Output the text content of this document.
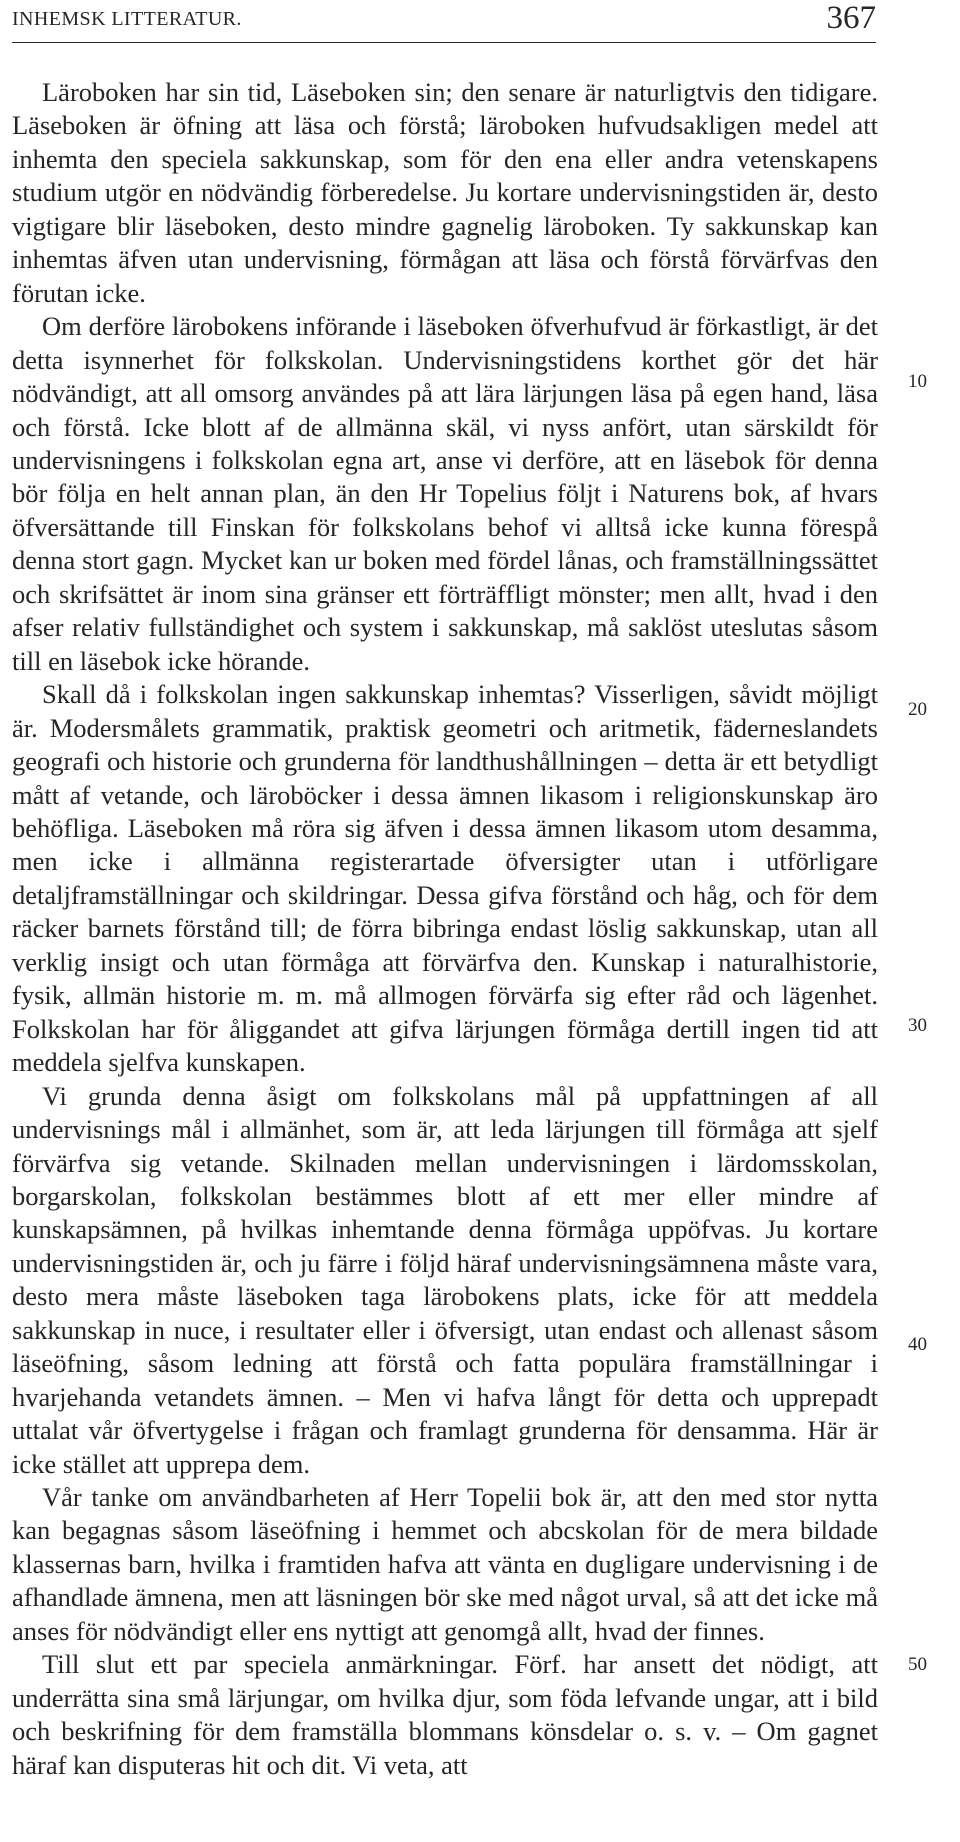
INHEMSK LITTERATUR.	367

Läroboken har sin tid, Läseboken sin; den senare är naturligtvis den tidigare. Läseboken är öfning att läsa och förstå; läroboken hufvudsakligen medel att inhemta den speciela sakkunskap, som för den ena eller andra vetenskapens studium utgör en nödvändig förberedelse. Ju kortare undervisningstiden är, desto vigtigare blir läseboken, desto mindre gagnelig läroboken. Ty sakkunskap kan inhemtas äfven utan undervisning, förmågan att läsa och förstå förvärfvas den förutan icke.

Om derföre lärobokens införande i läseboken öfverhufvud är förkastligt, är det detta isynnerhet för folkskolan. Undervisningstidens korthet gör det här nödvändigt, att all omsorg användes på att lära lärjungen läsa på egen hand, läsa och förstå. Icke blott af de allmänna skäl, vi nyss anfört, utan särskildt för undervisningens i folkskolan egna art, anse vi derföre, att en läsebok för denna bör följa en helt annan plan, än den Hr Topelius följt i Naturens bok, af hvars öfversättande till Finskan för folkskolans behof vi alltså icke kunna förespå denna stort gagn. Mycket kan ur boken med fördel lånas, och framställningssättet och skrifsättet är inom sina gränser ett förträffligt mönster; men allt, hvad i den afser relativ fullständighet och system i sakkunskap, må saklöst uteslutas såsom till en läsebok icke hörande.

Skall då i folkskolan ingen sakkunskap inhemtas? Visserligen, såvidt möjligt är. Modersmålets grammatik, praktisk geometri och aritmetik, fäderneslandets geografi och historie och grunderna för landthushållningen – detta är ett betydligt mått af vetande, och läroböcker i dessa ämnen likasom i religionskunskap äro behöfliga. Läseboken må röra sig äfven i dessa ämnen likasom utom desamma, men icke i allmänna registerartade öfversigter utan i utförligare detaljframställningar och skildringar. Dessa gifva förstånd och håg, och för dem räcker barnets förstånd till; de förra bibringa endast löslig sakkunskap, utan all verklig insigt och utan förmåga att förvärfva den. Kunskap i naturalhistorie, fysik, allmän historie m. m. må allmogen förvärfa sig efter råd och lägenhet. Folkskolan har för åliggandet att gifva lärjungen förmåga dertill ingen tid att meddela sjelfva kunskapen.

Vi grunda denna åsigt om folkskolans mål på uppfattningen af all undervisnings mål i allmänhet, som är, att leda lärjungen till förmåga att sjelf förvärfva sig vetande. Skilnaden mellan undervisningen i lärdomsskolan, borgarskolan, folkskolan bestämmes blott af ett mer eller mindre af kunskapsämnen, på hvilkas inhemtande denna förmåga uppöfvas. Ju kortare undervisningstiden är, och ju färre i följd häraf undervisningsämnena måste vara, desto mera måste läseboken taga lärobokens plats, icke för att meddela sakkunskap in nuce, i resultater eller i öfversigt, utan endast och allenast såsom läseöfning, såsom ledning att förstå och fatta populära framställningar i hvarjehanda vetandets ämnen. – Men vi hafva långt för detta och upprepadt uttalat vår öfvertygelse i frågan och framlagt grunderna för densamma. Här är icke stället att upprepa dem.

Vår tanke om användbarheten af Herr Topelii bok är, att den med stor nytta kan begagnas såsom läseöfning i hemmet och abcskolan för de mera bildade klassernas barn, hvilka i framtiden hafva att vänta en dugligare undervisning i de afhandlade ämnena, men att läsningen bör ske med något urval, så att det icke må anses för nödvändigt eller ens nyttigt att genomgå allt, hvad der finnes.

Till slut ett par speciela anmärkningar. Förf. har ansett det nödigt, att underrätta sina små lärjungar, om hvilka djur, som föda lefvande ungar, att i bild och beskrifning för dem framställa blommans könsdelar o. s. v. – Om gagnet häraf kan disputeras hit och dit. Vi veta, att

10
20
30
40
50
